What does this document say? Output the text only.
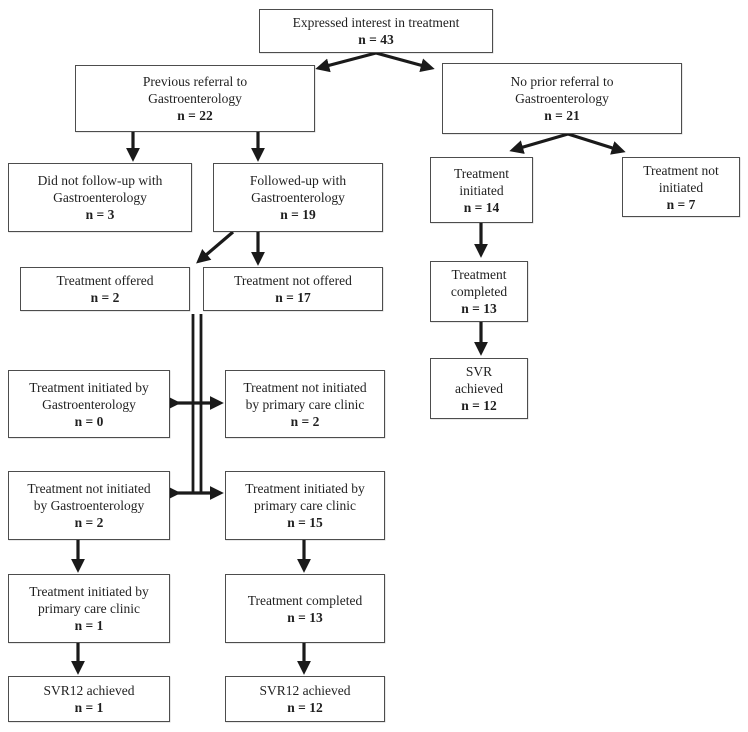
Expressed interest in treatment
n = 43
Previous referral to
Gastroenterology
n = 22
No prior referral to
Gastroenterology
n = 21
Did not follow-up with
Gastroenterology
n = 3
Followed-up with
Gastroenterology
n = 19
Treatment offered
n = 2
Treatment not offered
n = 17
Treatment initiated by
Gastroenterology
n = 0
Treatment not initiated
by primary care clinic
n = 2
Treatment not initiated
by Gastroenterology
n = 2
Treatment initiated by
primary care clinic
n = 15
Treatment initiated by
primary care clinic
n = 1
Treatment completed
n = 13
SVR12 achieved
n = 1
SVR12 achieved
n = 12
Treatment
initiated
n = 14
Treatment not
initiated
n = 7
Treatment
completed
n = 13
SVR
achieved
n = 12
